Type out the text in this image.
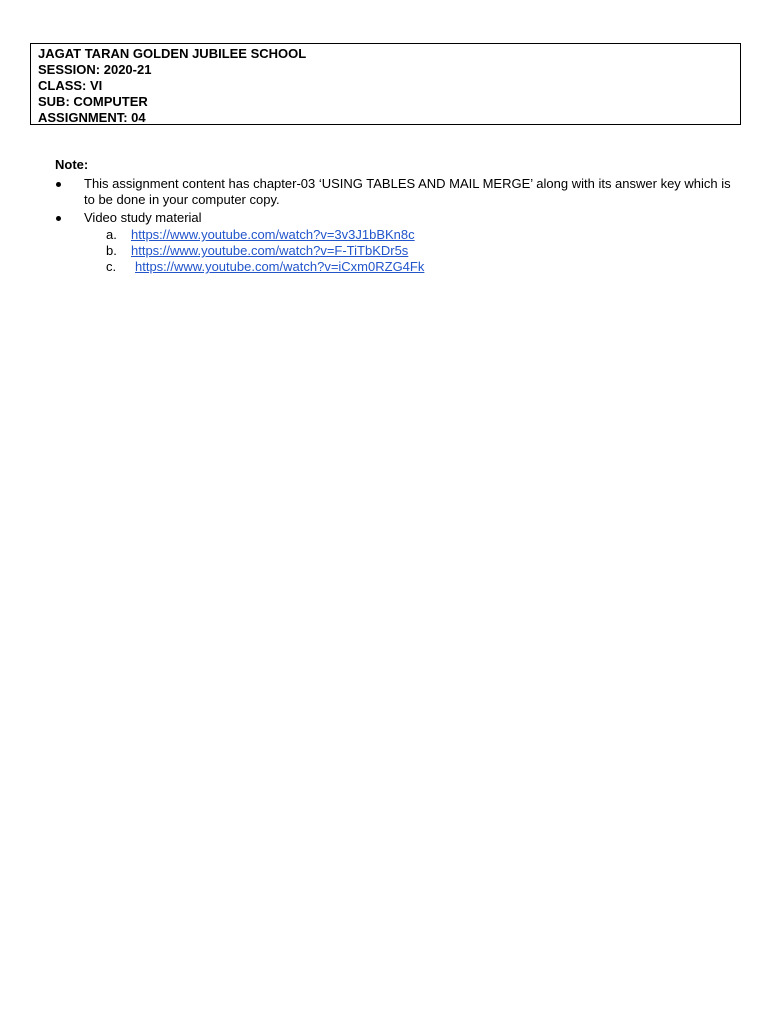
JAGAT TARAN GOLDEN JUBILEE SCHOOL
SESSION: 2020-21
CLASS: VI
SUB: COMPUTER
ASSIGNMENT: 04
Note:
This assignment content has chapter-03 ‘USING TABLES AND MAIL MERGE’ along with its answer key which is to be done in your computer copy.
Video study material
a. https://www.youtube.com/watch?v=3v3J1bBKn8c
b. https://www.youtube.com/watch?v=F-TiTbKDr5s
c. https://www.youtube.com/watch?v=iCxm0RZG4Fk
